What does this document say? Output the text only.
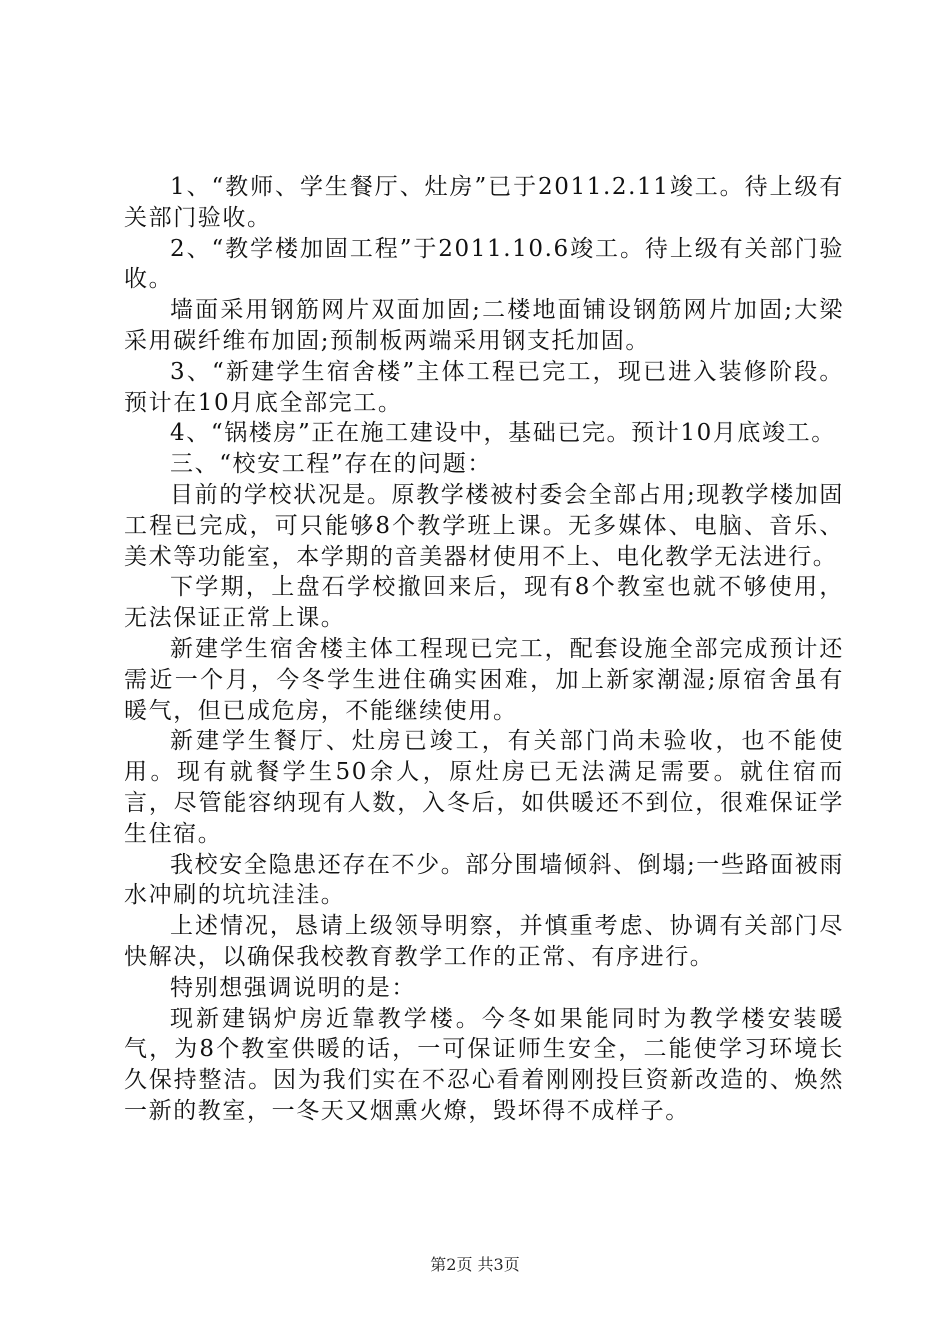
1、“教师、学生餐厅、灶房”已于2011.2.11竣工。待上级有关部门验收。

2、“教学楼加固工程”于2011.10.6竣工。待上级有关部门验收。

墙面采用钢筋网片双面加固;二楼地面铺设钢筋网片加固;大梁采用碳纤维布加固;预制板两端采用钢支托加固。

3、“新建学生宿舍楼”主体工程已完工，现已进入装修阶段。预计在10月底全部完工。

4、“锅楼房”正在施工建设中，基础已完。预计10月底竣工。

三、“校安工程”存在的问题：

目前的学校状况是。原教学楼被村委会全部占用;现教学楼加固工程已完成，可只能够8个教学班上课。无多媒体、电脑、音乐、美术等功能室，本学期的音美器材使用不上、电化教学无法进行。

下学期，上盘石学校撤回来后，现有8个教室也就不够使用，无法保证正常上课。

新建学生宿舍楼主体工程现已完工，配套设施全部完成预计还需近一个月，今冬学生进住确实困难，加上新家潮湿;原宿舍虽有暖气，但已成危房，不能继续使用。

新建学生餐厅、灶房已竣工，有关部门尚未验收，也不能使用。现有就餐学生50余人，原灶房已无法满足需要。就住宿而言，尽管能容纳现有人数，入冬后，如供暖还不到位，很难保证学生住宿。

我校安全隐患还存在不少。部分围墙倾斜、倒塌;一些路面被雨水冲刷的坑坑洼洼。

上述情况，恳请上级领导明察，并慎重考虑、协调有关部门尽快解决，以确保我校教育教学工作的正常、有序进行。

特别想强调说明的是：

现新建锅炉房近靠教学楼。今冬如果能同时为教学楼安装暖气，为8个教室供暖的话，一可保证师生安全，二能使学习环境长久保持整洁。因为我们实在不忍心看着刚刚投巨资新改造的、焕然一新的教室，一冬天又烟熏火燎，毁坏得不成样子。

第2页 共3页
